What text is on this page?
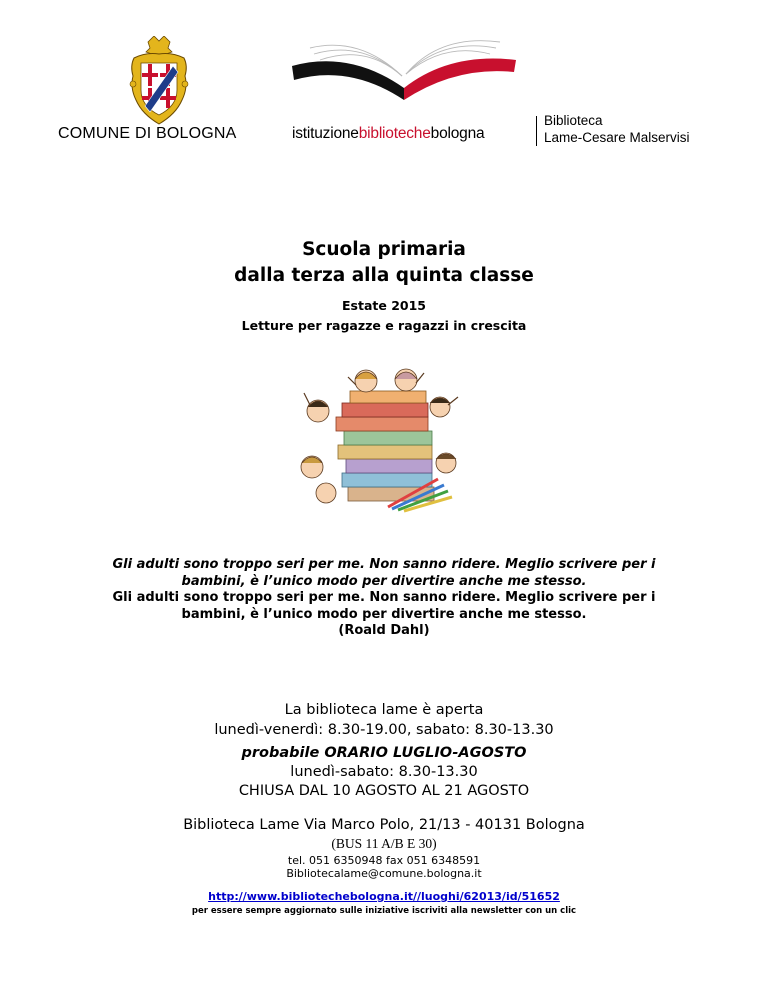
COMUNE DI BOLOGNA	istituzionebibliotechebologna
Biblioteca
Lame-Cesare Malservisi
Scuola primaria
dalla terza alla quinta classe
Estate 2015
Letture per ragazze e ragazzi in crescita
Gli adulti sono troppo seri per me. Non sanno ridere. Meglio scrivere per i
bambini, è l’unico modo per divertire anche me stesso.
Gli adulti sono troppo seri per me. Non sanno ridere. Meglio scrivere per i
bambini, è l’unico modo per divertire anche me stesso.
(Roald Dahl)
La biblioteca lame è aperta
lunedì-venerdì: 8.30-19.00, sabato: 8.30-13.30
probabile ORARIO LUGLIO-AGOSTO
lunedì-sabato: 8.30-13.30
CHIUSA DAL 10 AGOSTO AL 21 AGOSTO
Biblioteca Lame Via Marco Polo, 21/13 - 40131 Bologna
(BUS 11 A/B E 30)
tel. 051 6350948 fax 051 6348591
Bibliotecalame@comune.bologna.it
http://www.bibliotechebologna.it//luoghi/62013/id/51652
per essere sempre aggiornato sulle iniziative iscriviti alla newsletter con un clic
